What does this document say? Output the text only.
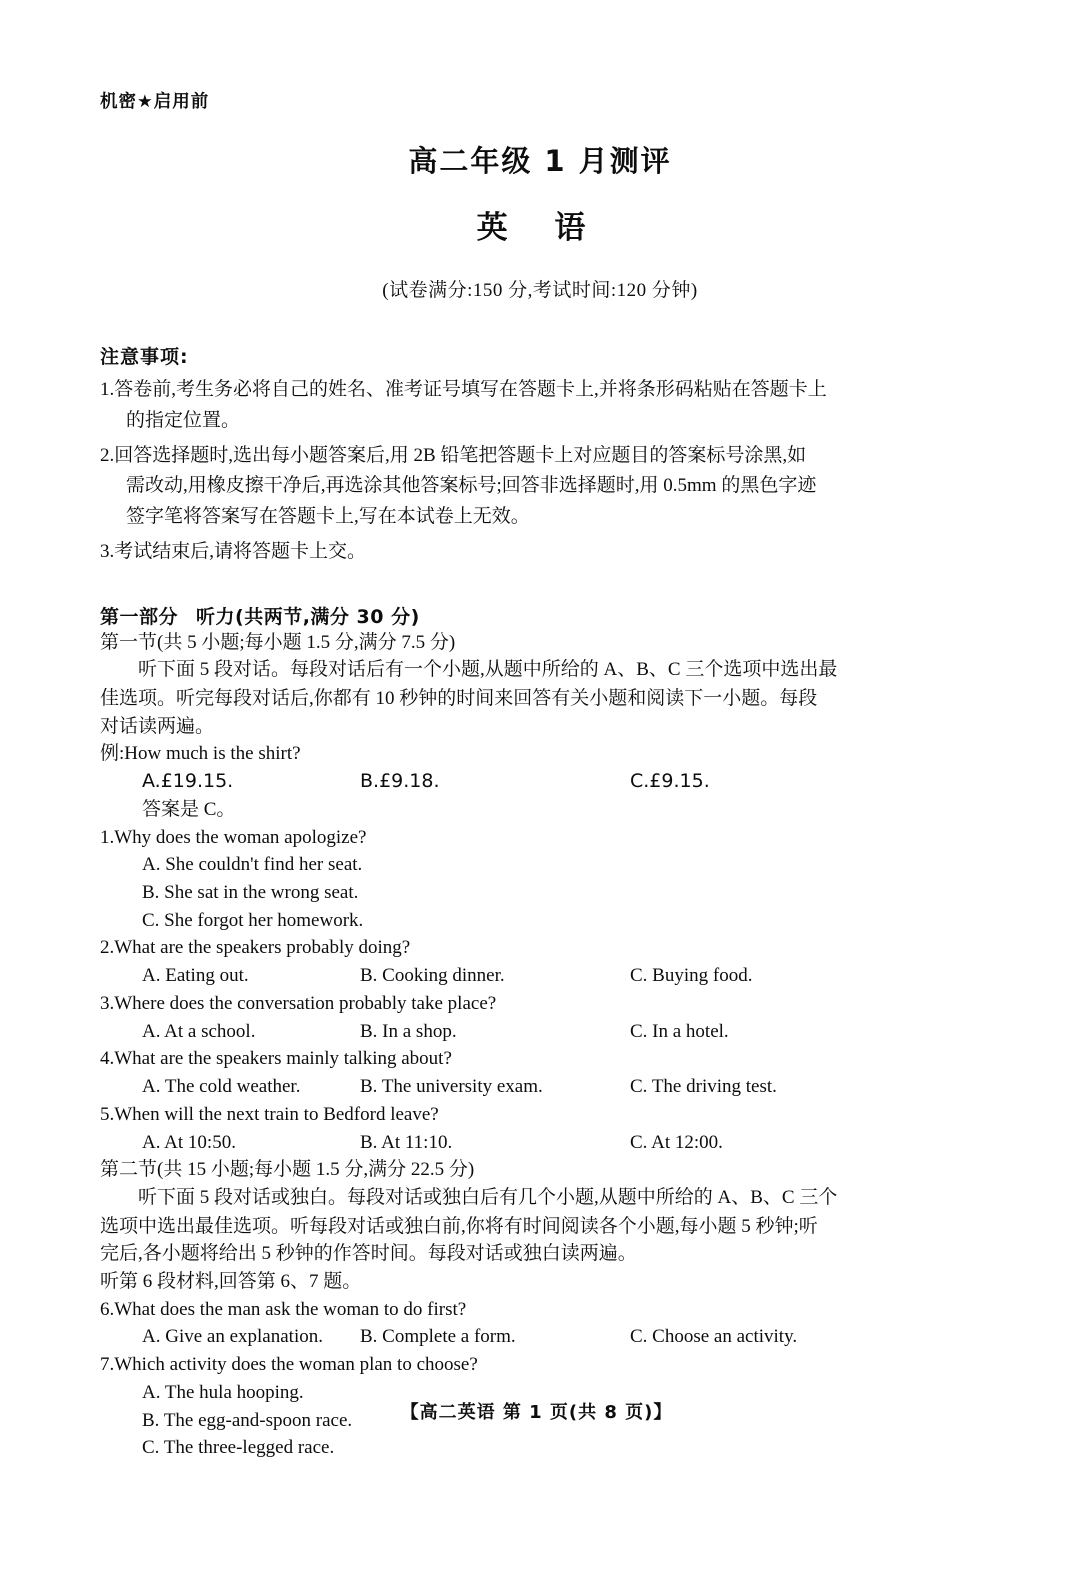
机密★启用前
高二年级 1 月测评
英 语
(试卷满分:150 分,考试时间:120 分钟)
注意事项:
1.答卷前,考生务必将自己的姓名、准考证号填写在答题卡上,并将条形码粘贴在答题卡上
的指定位置。
2.回答选择题时,选出每小题答案后,用 2B 铅笔把答题卡上对应题目的答案标号涂黑,如
需改动,用橡皮擦干净后,再选涂其他答案标号;回答非选择题时,用 0.5mm 的黑色字迹
签字笔将答案写在答题卡上,写在本试卷上无效。
3.考试结束后,请将答题卡上交。
第一部分 听力(共两节,满分 30 分)
第一节(共 5 小题;每小题 1.5 分,满分 7.5 分)
听下面 5 段对话。每段对话后有一个小题,从题中所给的 A、B、C 三个选项中选出最
佳选项。听完每段对话后,你都有 10 秒钟的时间来回答有关小题和阅读下一小题。每段
对话读两遍。
例:How much is the shirt?
A.£19.15.	B.£9.18.	C.£9.15.
答案是 C。
1.Why does the woman apologize?
A. She couldn't find her seat.
B. She sat in the wrong seat.
C. She forgot her homework.
2.What are the speakers probably doing?
A. Eating out.	B. Cooking dinner.	C. Buying food.
3.Where does the conversation probably take place?
A. At a school.	B. In a shop.	C. In a hotel.
4.What are the speakers mainly talking about?
A. The cold weather.	B. The university exam.	C. The driving test.
5.When will the next train to Bedford leave?
A. At 10:50.	B. At 11:10.	C. At 12:00.
第二节(共 15 小题;每小题 1.5 分,满分 22.5 分)
听下面 5 段对话或独白。每段对话或独白后有几个小题,从题中所给的 A、B、C 三个
选项中选出最佳选项。听每段对话或独白前,你将有时间阅读各个小题,每小题 5 秒钟;听
完后,各小题将给出 5 秒钟的作答时间。每段对话或独白读两遍。
听第 6 段材料,回答第 6、7 题。
6.What does the man ask the woman to do first?
A. Give an explanation.	B. Complete a form.	C. Choose an activity.
7.Which activity does the woman plan to choose?
A. The hula hooping.
B. The egg-and-spoon race.
C. The three-legged race.
【高二英语 第 1 页(共 8 页)】
